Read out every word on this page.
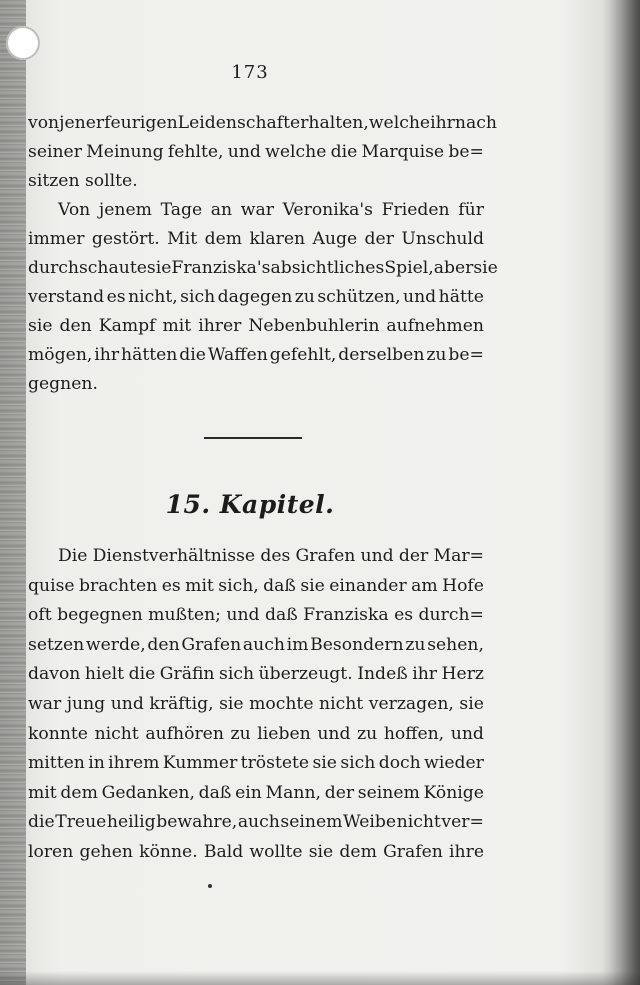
173
von jener feurigen Leidenschaft erhalten, welche ihr nach
seiner Meinung fehlte, und welche die Marquise be=
sitzen sollte.
Von jenem Tage an war Veronika's Frieden für
immer gestört. Mit dem klaren Auge der Unschuld
durchschaute sie Franziska's absichtliches Spiel, aber sie
verstand es nicht, sich dagegen zu schützen, und hätte
sie den Kampf mit ihrer Nebenbuhlerin aufnehmen
mögen, ihr hätten die Waffen gefehlt, derselben zu be=
gegnen.
15. Kapitel.
Die Dienstverhältnisse des Grafen und der Mar=
quise brachten es mit sich, daß sie einander am Hofe
oft begegnen mußten; und daß Franziska es durch=
setzen werde, den Grafen auch im Besondern zu sehen,
davon hielt die Gräfin sich überzeugt. Indeß ihr Herz
war jung und kräftig, sie mochte nicht verzagen, sie
konnte nicht aufhören zu lieben und zu hoffen, und
mitten in ihrem Kummer tröstete sie sich doch wieder
mit dem Gedanken, daß ein Mann, der seinem Könige
die Treue heilig bewahre, auch seinem Weibe nicht ver=
loren gehen könne. Bald wollte sie dem Grafen ihre
